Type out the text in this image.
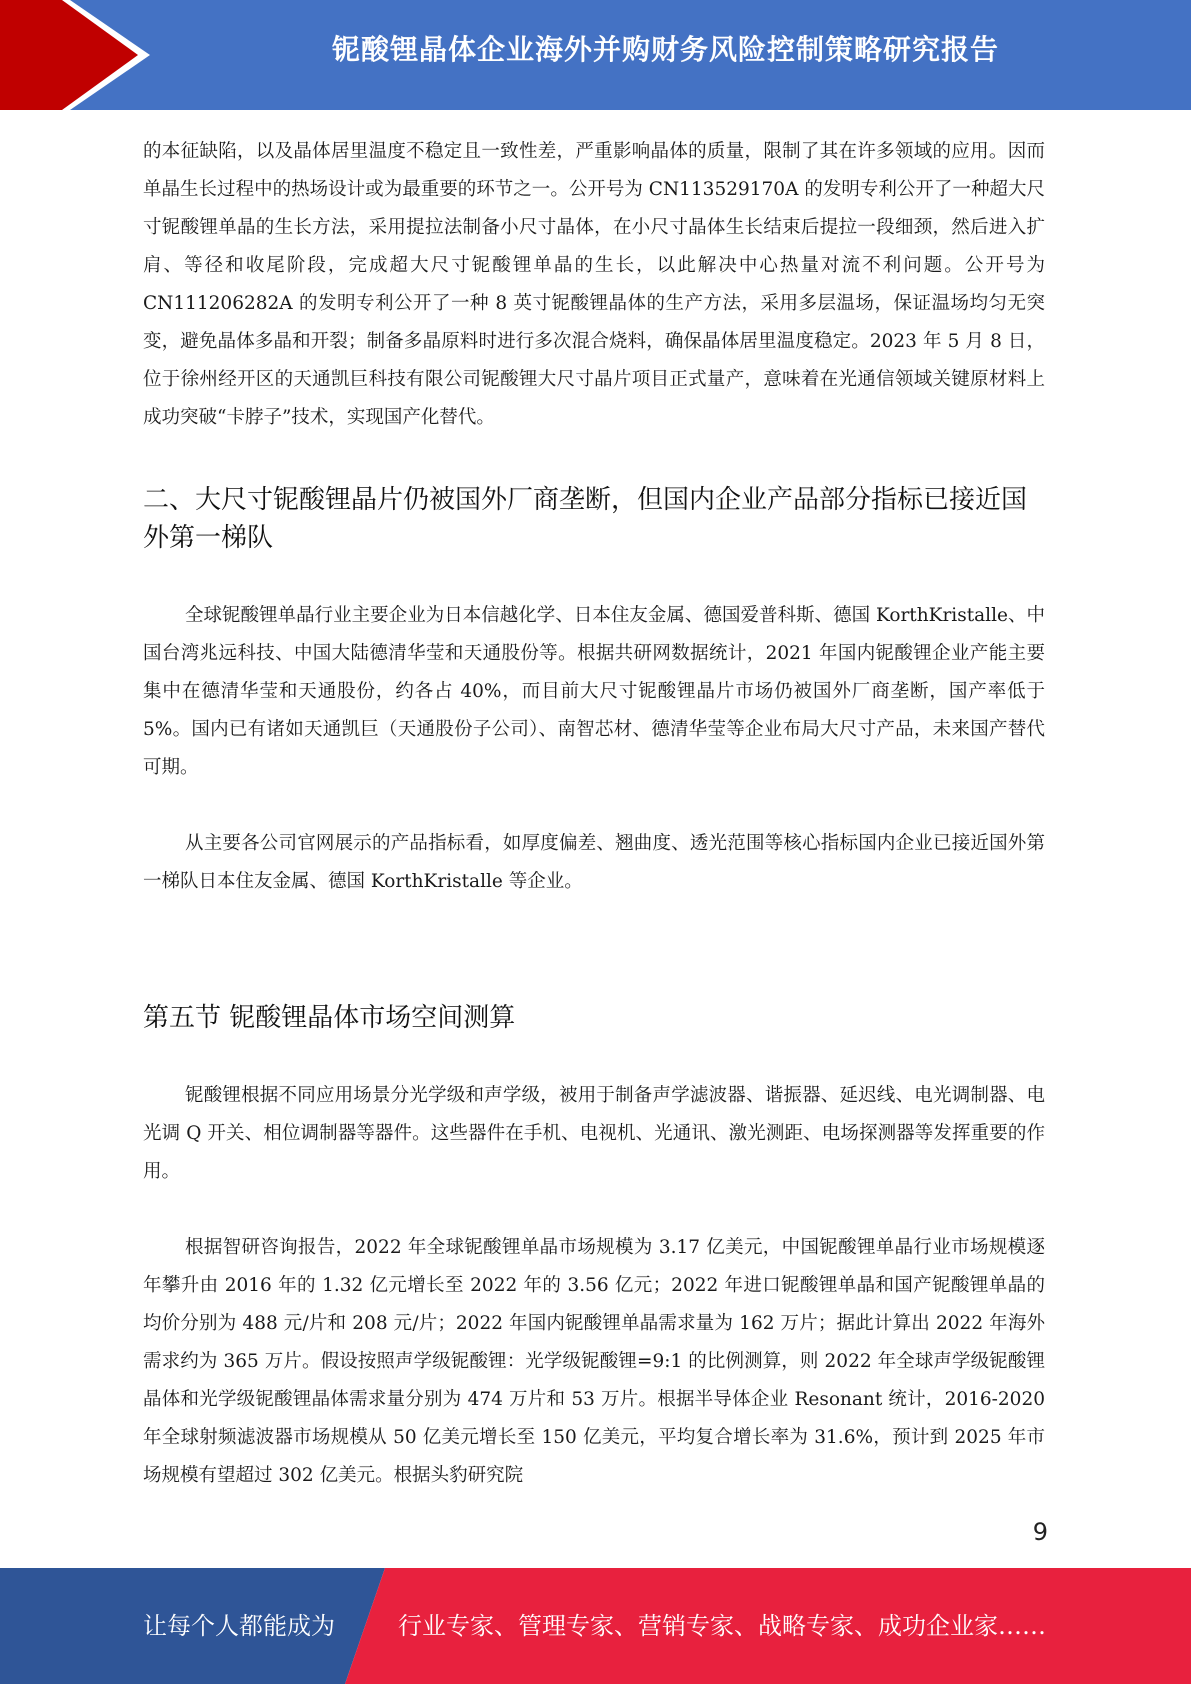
铌酸锂晶体企业海外并购财务风险控制策略研究报告

的本征缺陷，以及晶体居里温度不稳定且一致性差，严重影响晶体的质量，限制了其在许多领域的应用。因而单晶生长过程中的热场设计或为最重要的环节之一。公开号为 CN113529170A 的发明专利公开了一种超大尺寸铌酸锂单晶的生长方法，采用提拉法制备小尺寸晶体，在小尺寸晶体生长结束后提拉一段细颈，然后进入扩肩、等径和收尾阶段，完成超大尺寸铌酸锂单晶的生长，以此解决中心热量对流不利问题。公开号为 CN111206282A 的发明专利公开了一种 8 英寸铌酸锂晶体的生产方法，采用多层温场，保证温场均匀无突变，避免晶体多晶和开裂；制备多晶原料时进行多次混合烧料，确保晶体居里温度稳定。2023 年 5 月 8 日，位于徐州经开区的天通凯巨科技有限公司铌酸锂大尺寸晶片项目正式量产，意味着在光通信领域关键原材料上成功突破“卡脖子”技术，实现国产化替代。

二、大尺寸铌酸锂晶片仍被国外厂商垄断，但国内企业产品部分指标已接近国外第一梯队

全球铌酸锂单晶行业主要企业为日本信越化学、日本住友金属、德国爱普科斯、德国 KorthKristalle、中国台湾兆远科技、中国大陆德清华莹和天通股份等。根据共研网数据统计，2021 年国内铌酸锂企业产能主要集中在德清华莹和天通股份，约各占 40%，而目前大尺寸铌酸锂晶片市场仍被国外厂商垄断，国产率低于 5%。国内已有诸如天通凯巨（天通股份子公司）、南智芯材、德清华莹等企业布局大尺寸产品，未来国产替代可期。

从主要各公司官网展示的产品指标看，如厚度偏差、翘曲度、透光范围等核心指标国内企业已接近国外第一梯队日本住友金属、德国 KorthKristalle 等企业。

第五节 铌酸锂晶体市场空间测算

铌酸锂根据不同应用场景分光学级和声学级，被用于制备声学滤波器、谐振器、延迟线、电光调制器、电光调 Q 开关、相位调制器等器件。这些器件在手机、电视机、光通讯、激光测距、电场探测器等发挥重要的作用。

根据智研咨询报告，2022 年全球铌酸锂单晶市场规模为 3.17 亿美元，中国铌酸锂单晶行业市场规模逐年攀升由 2016 年的 1.32 亿元增长至 2022 年的 3.56 亿元；2022 年进口铌酸锂单晶和国产铌酸锂单晶的均价分别为 488 元/片和 208 元/片；2022 年国内铌酸锂单晶需求量为 162 万片；据此计算出 2022 年海外需求约为 365 万片。假设按照声学级铌酸锂：光学级铌酸锂=9:1 的比例测算，则 2022 年全球声学级铌酸锂晶体和光学级铌酸锂晶体需求量分别为 474 万片和 53 万片。根据半导体企业 Resonant 统计，2016-2020 年全球射频滤波器市场规模从 50 亿美元增长至 150 亿美元，平均复合增长率为 31.6%，预计到 2025 年市场规模有望超过 302 亿美元。根据头豹研究院

9
让每个人都能成为	行业专家、管理专家、营销专家、战略专家、成功企业家……
